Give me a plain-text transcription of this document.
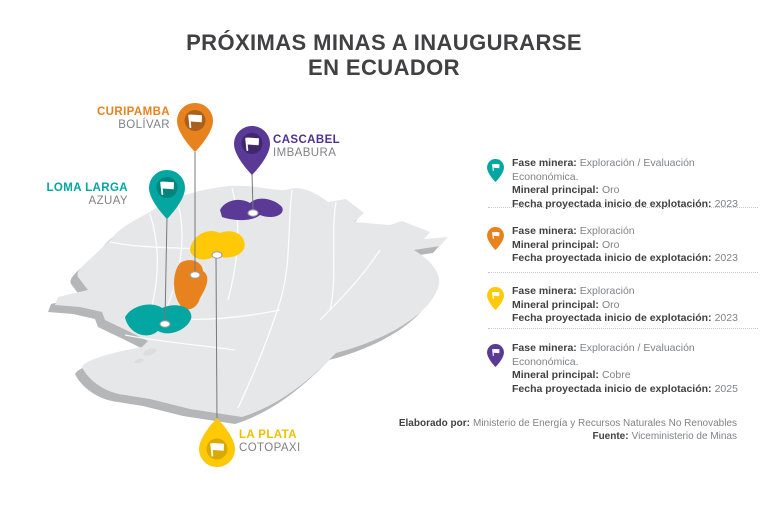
PRÓXIMAS MINAS A INAUGURARSE
EN ECUADOR
CURIPAMBA
BOLÍVAR
CASCABEL
IMBABURA
LOMA LARGA
AZUAY
LA PLATA
COTOPAXI
Fase minera: Exploración / Evaluación Econonómica.
Mineral principal: Oro
Fecha proyectada inicio de explotación: 2023
Fase minera: Exploración
Mineral principal: Oro
Fecha proyectada inicio de explotación: 2023
Fase minera: Exploración
Mineral principal: Oro
Fecha proyectada inicio de explotación: 2023
Fase minera: Exploración / Evaluación Econonómica.
Mineral principal: Cobre
Fecha proyectada inicio de explotación: 2025
Elaborado por: Ministerio de Energía y Recursos Naturales No Renovables
Fuente: Viceministerio de Minas
